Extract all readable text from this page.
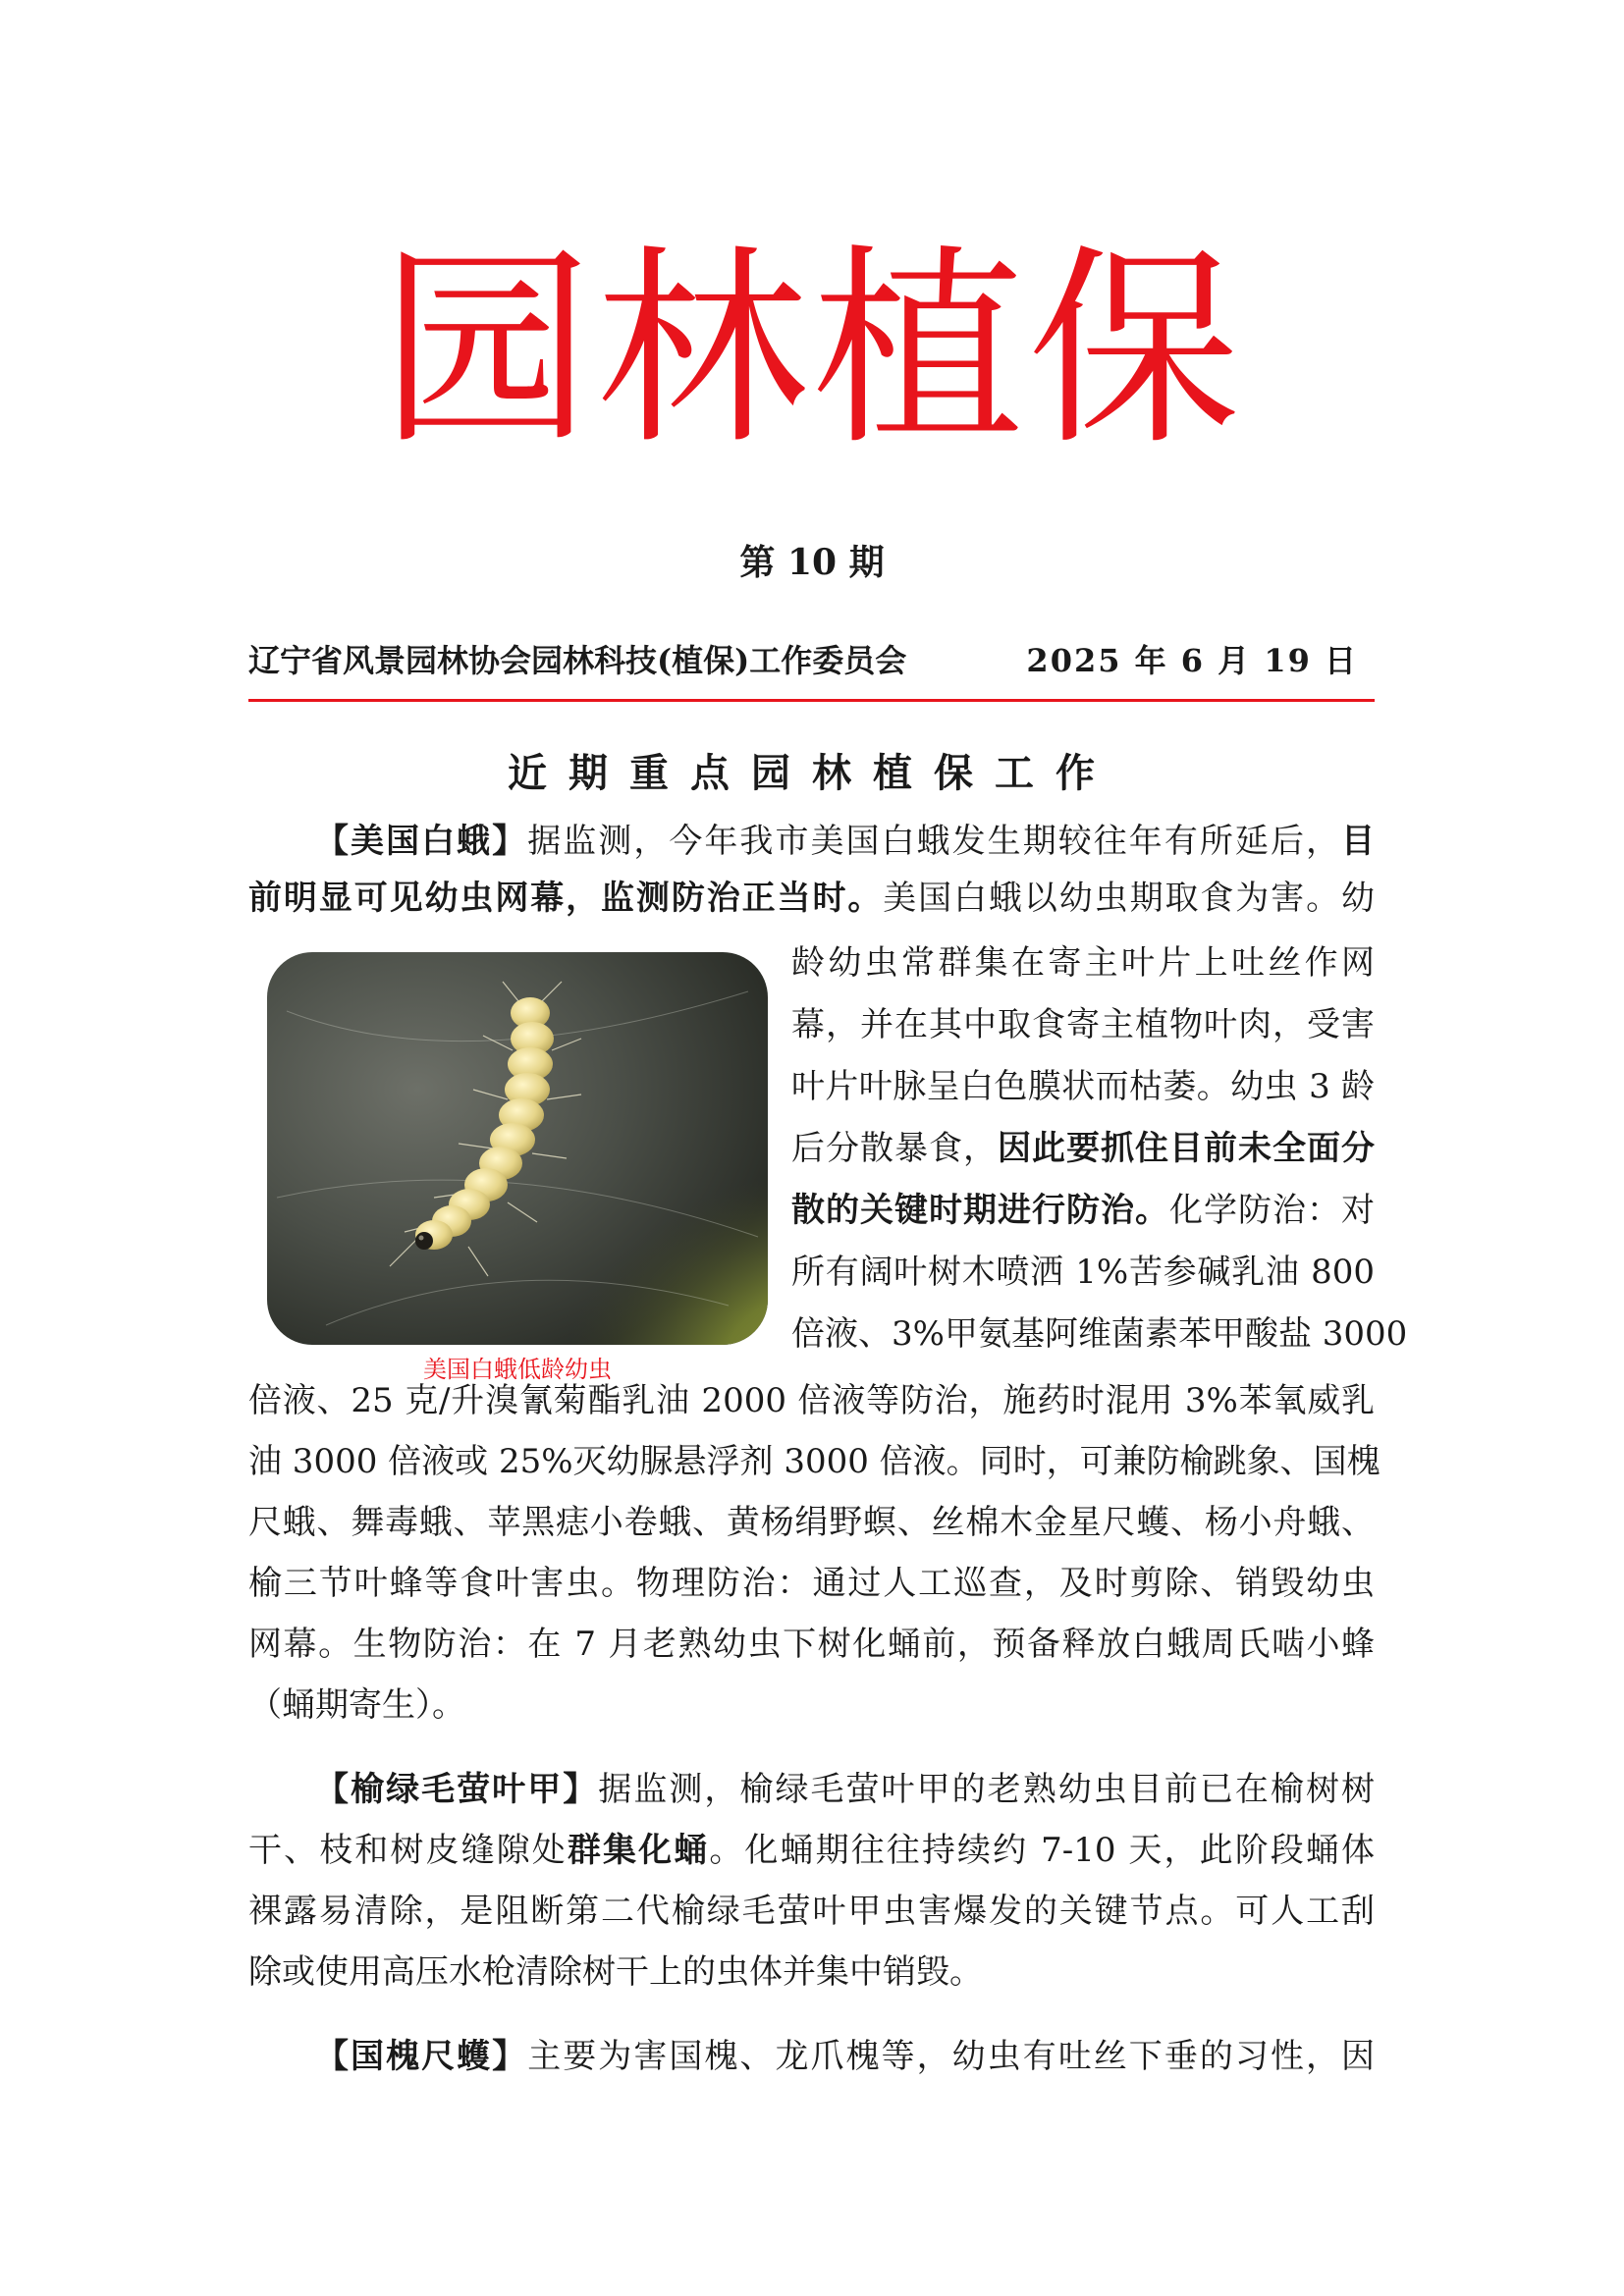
园林植保
第 10 期
辽宁省风景园林协会园林科技(植保)工作委员会	2025 年 6 月 19 日
近期重点园林植保工作
美国白蛾低龄幼虫
【美国白蛾】据监测，今年我市美国白蛾发生期较往年有所延后，目
前明显可见幼虫网幕，监测防治正当时。美国白蛾以幼虫期取食为害。幼
龄幼虫常群集在寄主叶片上吐丝作网
幕，并在其中取食寄主植物叶肉，受害
叶片叶脉呈白色膜状而枯萎。幼虫 3 龄
后分散暴食，因此要抓住目前未全面分
散的关键时期进行防治。化学防治：对
所有阔叶树木喷洒 1%苦参碱乳油 800
倍液、3%甲氨基阿维菌素苯甲酸盐 3000
倍液、25 克/升溴氰菊酯乳油 2000 倍液等防治，施药时混用 3%苯氧威乳
油 3000 倍液或 25%灭幼脲悬浮剂 3000 倍液。同时，可兼防榆跳象、国槐
尺蛾、舞毒蛾、苹黑痣小卷蛾、黄杨绢野螟、丝棉木金星尺蠖、杨小舟蛾、
榆三节叶蜂等食叶害虫。物理防治：通过人工巡查，及时剪除、销毁幼虫
网幕。生物防治：在 7 月老熟幼虫下树化蛹前，预备释放白蛾周氏啮小蜂
（蛹期寄生）。
【榆绿毛萤叶甲】据监测，榆绿毛萤叶甲的老熟幼虫目前已在榆树树
干、枝和树皮缝隙处群集化蛹。化蛹期往往持续约 7-10 天，此阶段蛹体
裸露易清除，是阻断第二代榆绿毛萤叶甲虫害爆发的关键节点。可人工刮
除或使用高压水枪清除树干上的虫体并集中销毁。
【国槐尺蠖】主要为害国槐、龙爪槐等，幼虫有吐丝下垂的习性，因
